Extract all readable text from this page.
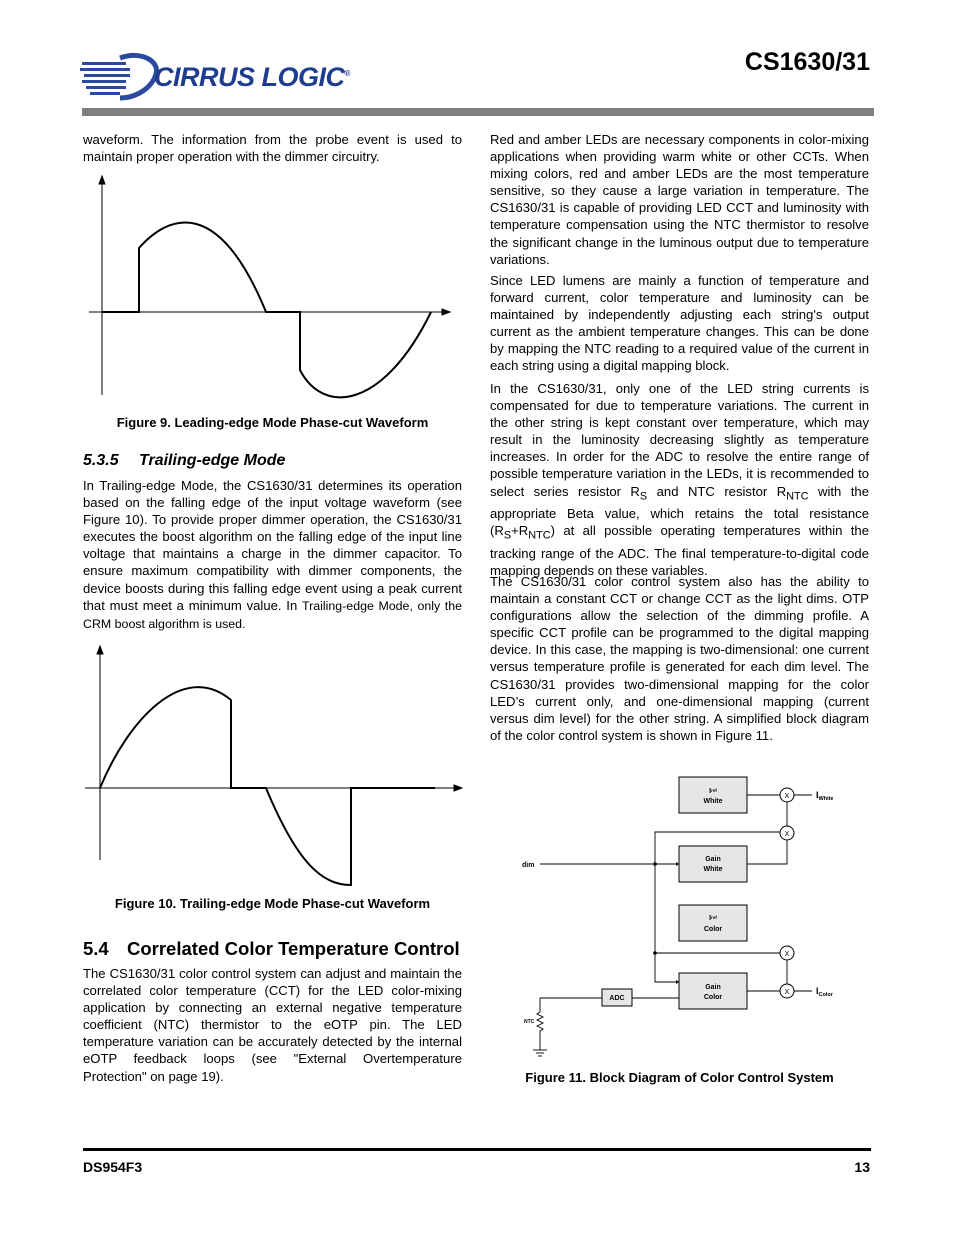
CIRRUS LOGIC®	CS1630/31

waveform. The information from the probe event is used to maintain proper operation with the dimmer circuitry.

Figure 9. Leading-edge Mode Phase-cut Waveform
5.3.5 Trailing-edge Mode

In Trailing-edge Mode, the CS1630/31 determines its operation based on the falling edge of the input voltage waveform (see Figure 10). To provide proper dimmer operation, the CS1630/31 executes the boost algorithm on the falling edge of the input line voltage that maintains a charge in the dimmer capacitor. To ensure maximum compatibility with dimmer components, the device boosts during this falling edge event using a peak current that must meet a minimum value. In Trailing-edge Mode, only the CRM boost algorithm is used.

Figure 10. Trailing-edge Mode Phase-cut Waveform
5.4 Correlated Color Temperature Control

The CS1630/31 color control system can adjust and maintain the correlated color temperature (CCT) for the LED color-mixing application by connecting an external negative temperature coefficient (NTC) thermistor to the eOTP pin. The LED temperature variation can be accurately detected by the internal eOTP feedback loops (see "External Overtemperature Protection" on page 19).

Red and amber LEDs are necessary components in color-mixing applications when providing warm white or other CCTs. When mixing colors, red and amber LEDs are the most temperature sensitive, so they cause a large variation in temperature. The CS1630/31 is capable of providing LED CCT and luminosity with temperature compensation using the NTC thermistor to resolve the significant change in the luminous output due to temperature variations.

Since LED lumens are mainly a function of temperature and forward current, color temperature and luminosity can be maintained by independently adjusting each string's output current as the ambient temperature changes. This can be done by mapping the NTC reading to a required value of the current in each string using a digital mapping block.

In the CS1630/31, only one of the LED string currents is compensated for due to temperature variations. The current in the other string is kept constant over temperature, which may result in the luminosity decreasing slightly as temperature increases. In order for the ADC to resolve the entire range of possible temperature variation in the LEDs, it is recommended to select series resistor $R_S$ and NTC resistor $R_{NTC}$ with the appropriate Beta value, which retains the total resistance $(R_S+R_{NTC})$ at all possible operating temperatures within the tracking range of the ADC. The final temperature-to-digital code mapping depends on these variables.

The CS1630/31 color control system also has the ability to maintain a constant CCT or change CCT as the light dims. OTP configurations allow the selection of the dimming profile. A specific CCT profile can be programmed to the digital mapping device. In this case, the mapping is two-dimensional: one current versus temperature profile is generated for each dim level. The CS1630/31 provides two-dimensional mapping for the color LED’s current only, and one-dimensional mapping (current versus dim level) for the other string. A simplified block diagram of the color control system is shown in Figure 11.

Iref
White
Gain
White
Iref
Color
Gain
Color
ADC
dim
NTC
X
X
X
X
$I_{White}$
$I_{Color}$
Figure 11. Block Diagram of Color Control System
DS954F3	13
